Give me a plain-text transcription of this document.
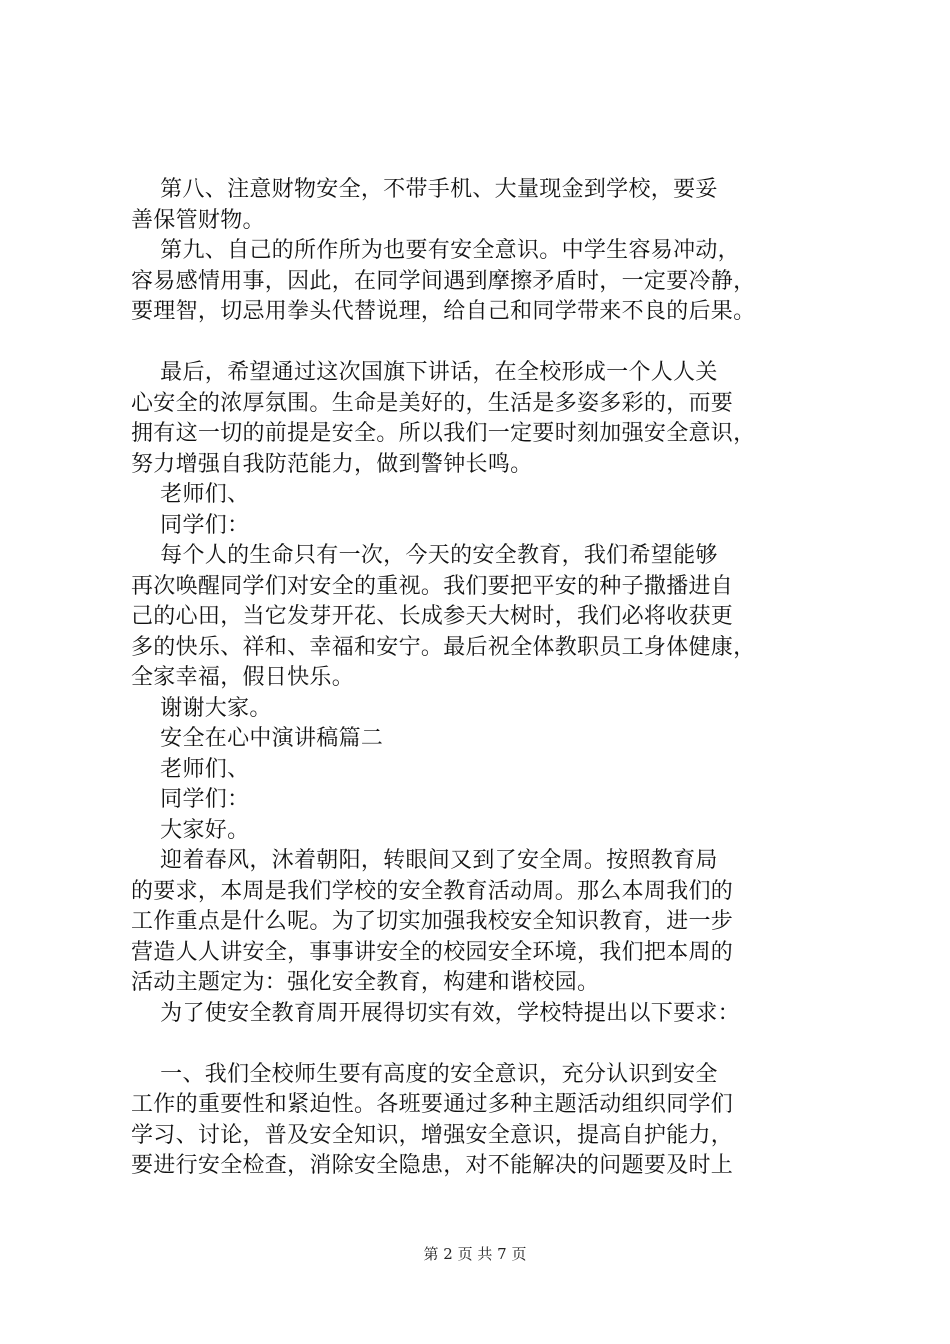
第八、注意财物安全，不带手机、大量现金到学校，要妥
善保管财物。
第九、自己的所作所为也要有安全意识。中学生容易冲动，
容易感情用事，因此，在同学间遇到摩擦矛盾时，一定要冷静，
要理智，切忌用拳头代替说理，给自己和同学带来不良的后果。
最后，希望通过这次国旗下讲话，在全校形成一个人人关
心安全的浓厚氛围。生命是美好的，生活是多姿多彩的，而要
拥有这一切的前提是安全。所以我们一定要时刻加强安全意识，
努力增强自我防范能力，做到警钟长鸣。
老师们、
同学们：
每个人的生命只有一次，今天的安全教育，我们希望能够
再次唤醒同学们对安全的重视。我们要把平安的种子撒播进自
己的心田，当它发芽开花、长成参天大树时，我们必将收获更
多的快乐、祥和、幸福和安宁。最后祝全体教职员工身体健康，
全家幸福，假日快乐。
谢谢大家。
安全在心中演讲稿篇二
老师们、
同学们：
大家好。
迎着春风，沐着朝阳，转眼间又到了安全周。按照教育局
的要求，本周是我们学校的安全教育活动周。那么本周我们的
工作重点是什么呢。为了切实加强我校安全知识教育，进一步
营造人人讲安全，事事讲安全的校园安全环境，我们把本周的
活动主题定为：强化安全教育，构建和谐校园。
为了使安全教育周开展得切实有效，学校特提出以下要求：
一、我们全校师生要有高度的安全意识，充分认识到安全
工作的重要性和紧迫性。各班要通过多种主题活动组织同学们
学习、讨论，普及安全知识，增强安全意识，提高自护能力，
要进行安全检查，消除安全隐患，对不能解决的问题要及时上
第 2 页 共 7 页
